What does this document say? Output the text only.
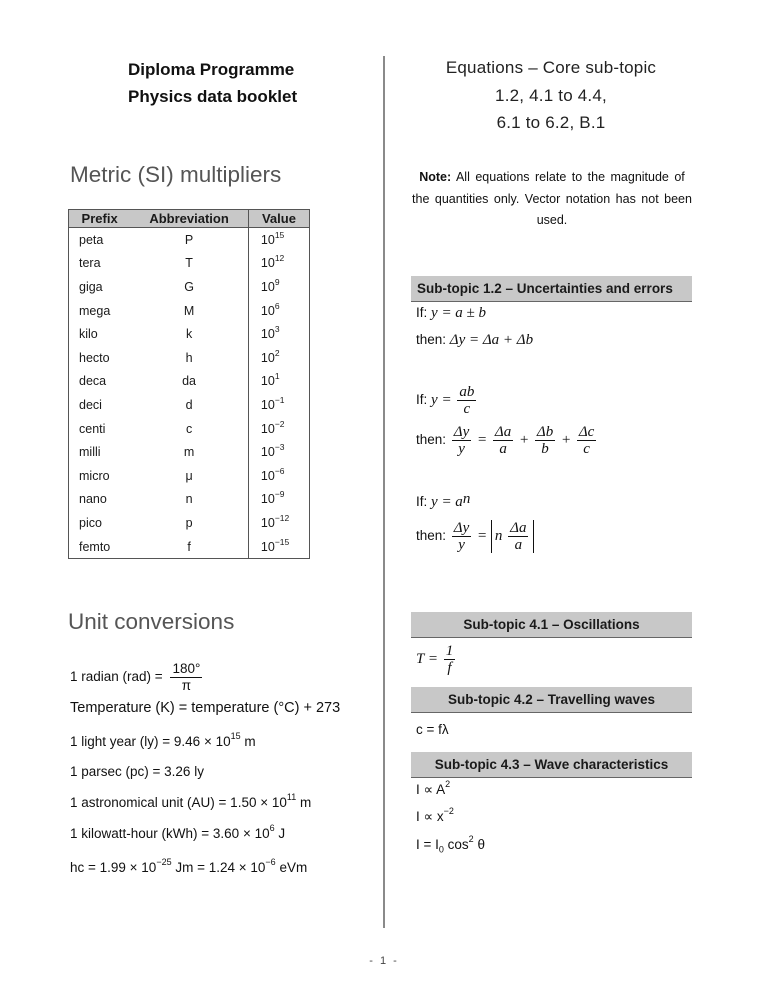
Diploma Programme
Physics data booklet
Metric (SI) multipliers
Prefix	Abbreviation	Value
peta	P	$10^{15}$
tera	T	$10^{12}$
giga	G	$10^9$
mega	M	$10^6$
kilo	k	$10^3$
hecto	h	$10^2$
deca	da	$10^1$
deci	d	$10^{-1}$
centi	c	$10^{-2}$
milli	m	$10^{-3}$
micro	μ	$10^{-6}$
nano	n	$10^{-9}$
pico	p	$10^{-12}$
femto	f	$10^{-15}$
Unit conversions
1 radian $(rad) = \frac{180^\circ}{\pi}$
Temperature (K) = temperature (°C) + 273
1 light year $(ly) = 9.46 \times 10^{15}$ m
1 parsec (pc) = 3.26 ly
1 astronomical unit $(AU) = 1.50 \times 10^{11}$ m
1 kilowatt-hour $(kWh) = 3.60 \times 10^6$ J
hc = $1.99 \times 10^{-25}$ $Jm = 1.24 \times 10^{-6}$ eVm
Equations – Core sub-topic
1.2, 4.1 to 4.4,
6.1 to 6.2, B.1
Note: All equations relate to the magnitude of the quantities only. Vector notation has not been used.
Sub-topic 1.2 – Uncertainties and errors
If: y = a ± b
then: Δy = Δa + Δb
If: $y = \frac{ab}{c}$
then: $\frac{\Delta y}{y} = \frac{\Delta a}{a} + \frac{\Delta b}{b} + \frac{\Delta c}{c}$
If: $y = a^n$
then: $\frac{\Delta y}{y} = n \frac{\Delta a}{a}$
Sub-topic 4.1 – Oscillations
$T = \frac{1}{f}$
Sub-topic 4.2 – Travelling waves
c = fλ
Sub-topic 4.3 – Wave characteristics
$I \propto A^2$
$I \propto x^{-2}$
$I = I_0$ $\cos^2 \theta$
- 1 -
